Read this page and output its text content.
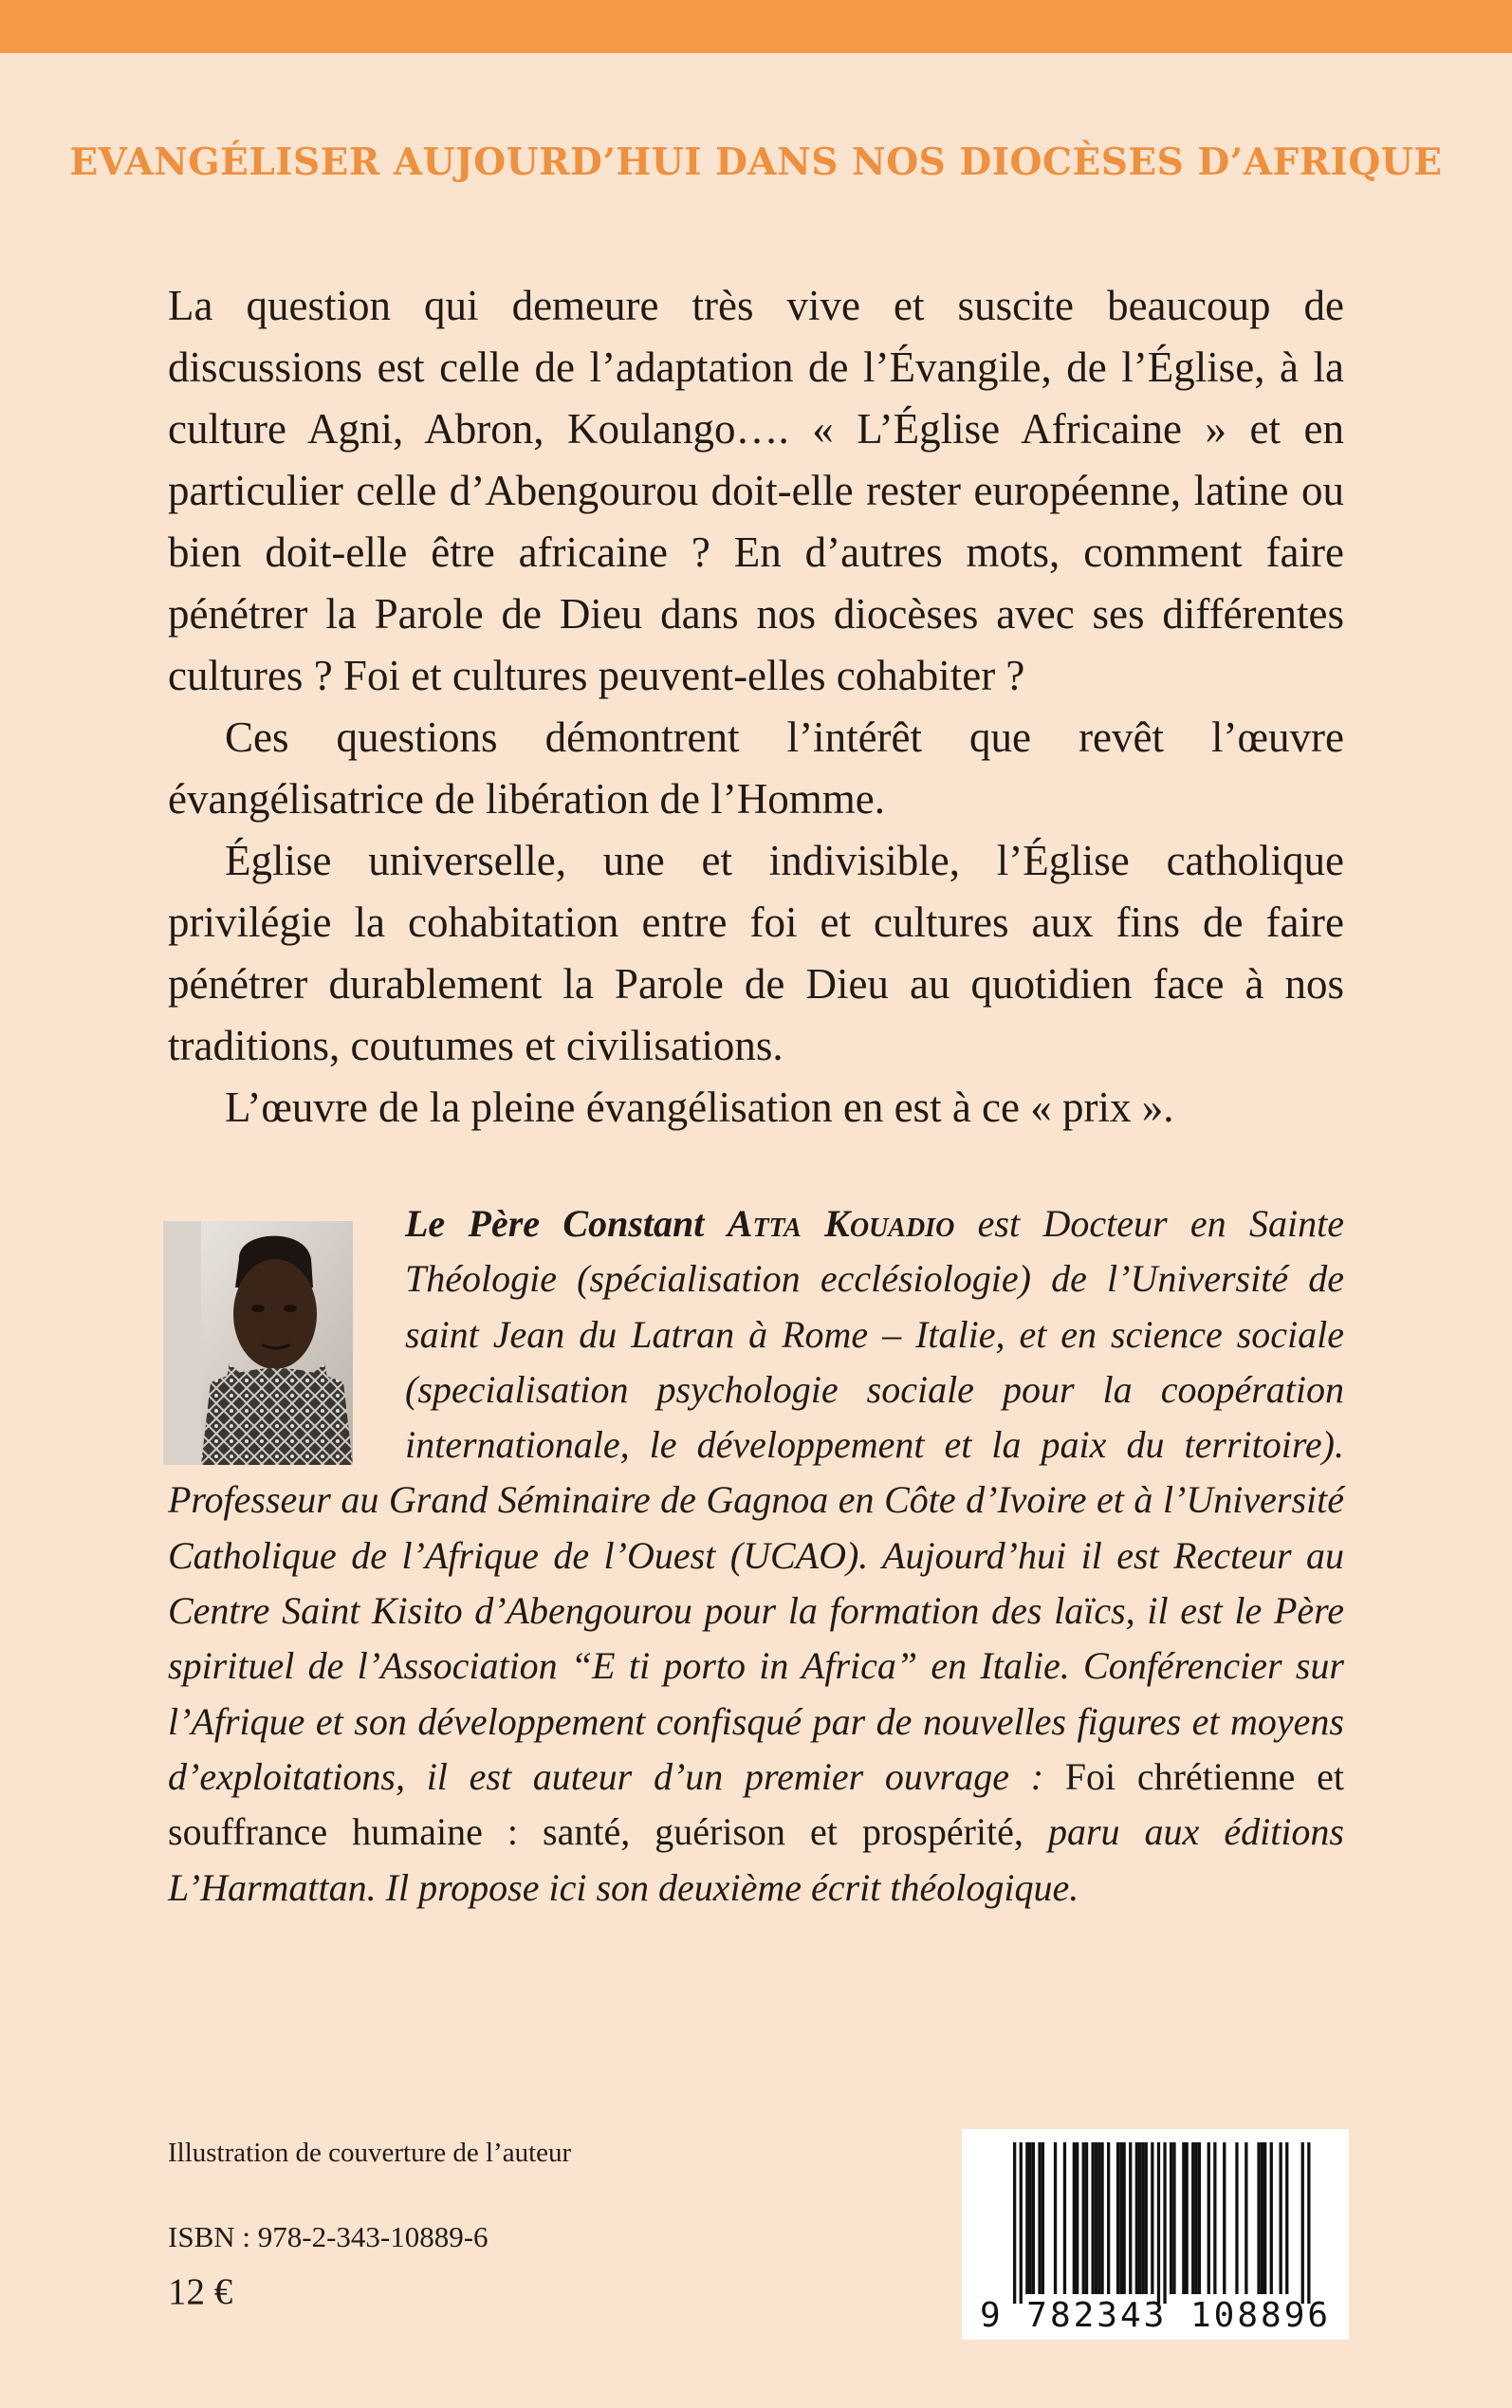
EVANGÉLISER AUJOURD’HUI DANS NOS DIOCÈSES D’AFRIQUE

La question qui demeure très vive et suscite beaucoup de discussions est celle de l’adaptation de l’Évangile, de l’Église, à la culture Agni, Abron, Koulango…. « L’Église Africaine » et en particulier celle d’Abengourou doit-elle rester européenne, latine ou bien doit-elle être africaine ? En d’autres mots, comment faire pénétrer la Parole de Dieu dans nos diocèses avec ses différentes cultures ? Foi et cultures peuvent-elles cohabiter ?

Ces questions démontrent l’intérêt que revêt l’œuvre évangélisatrice de libération de l’Homme.

Église universelle, une et indivisible, l’Église catholique privilégie la cohabitation entre foi et cultures aux fins de faire pénétrer durablement la Parole de Dieu au quotidien face à nos traditions, coutumes et civilisations.

L’œuvre de la pleine évangélisation en est à ce « prix ».

Le Père Constant Atta Kouadio est Docteur en Sainte Théologie (spécialisation ecclésiologie) de l’Université de saint Jean du Latran à Rome – Italie, et en science sociale (specialisation psychologie sociale pour la coopération internationale, le développement et la paix du territoire). Professeur au Grand Séminaire de Gagnoa en Côte d’Ivoire et à l’Université Catholique de l’Afrique de l’Ouest (UCAO). Aujourd’hui il est Recteur au Centre Saint Kisito d’Abengourou pour la formation des laïcs, il est le Père spirituel de l’Association “E ti porto in Africa” en Italie. Conférencier sur l’Afrique et son développement confisqué par de nouvelles figures et moyens d’exploitations, il est auteur d’un premier ouvrage : Foi chrétienne et souffrance humaine : santé, guérison et prospérité, paru aux éditions L’Harmattan. Il propose ici son deuxième écrit théologique.
Illustration de couverture de l’auteur
ISBN : 978-2-343-10889-6
12 €
9 782343 108896
